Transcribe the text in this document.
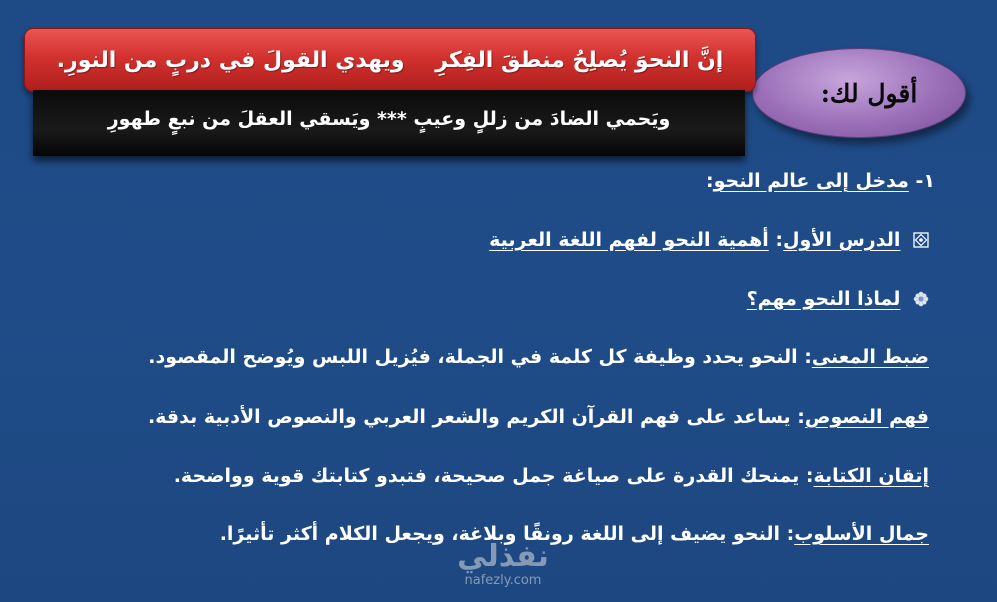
أقول لك:
إنَّ النحوَ يُصلِحُ منطقَ الفِكرِ    ويهدي القولَ في دربٍ من النورِ.
ويَحمي الضادَ من زللٍ وعيبٍ *** ويَسقي العقلَ من نبعٍ طهورِ
١- مدخل إلى عالم النحو:
الدرس الأول: أهمية النحو لفهم اللغة العربية
لماذا النحو مهم؟
ضبط المعنى: النحو يحدد وظيفة كل كلمة في الجملة، فيُزيل اللبس ويُوضح المقصود.
فهم النصوص: يساعد على فهم القرآن الكريم والشعر العربي والنصوص الأدبية بدقة.
إتقان الكتابة: يمنحك القدرة على صياغة جمل صحيحة، فتبدو كتابتك قوية وواضحة.
جمال الأسلوب: النحو يضيف إلى اللغة رونقًا وبلاغة، ويجعل الكلام أكثر تأثيرًا.
نفذلي
nafezly.com
